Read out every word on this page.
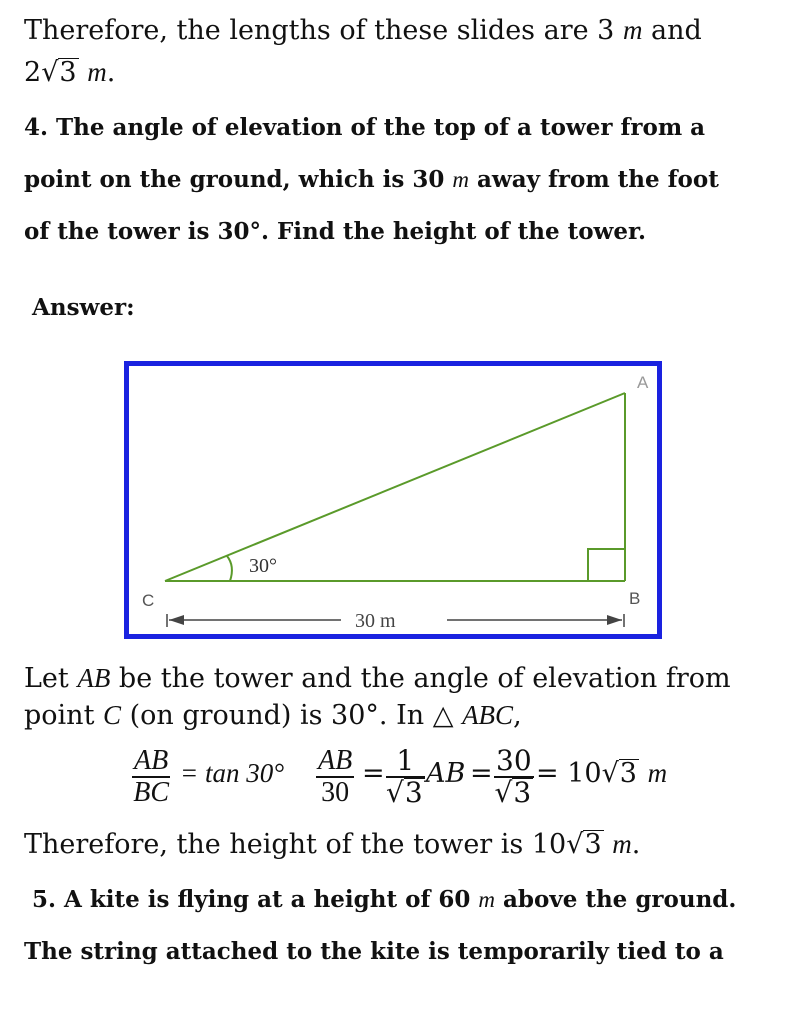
Therefore, the lengths of these slides are 3 m and
2√3 m.
4. The angle of elevation of the top of a tower from a
point on the ground, which is 30 m away from the foot
of the tower is 30°. Find the height of the tower.
Answer:
A
B
C
30°
30 m
Let AB be the tower and the angle of elevation from
point C (on ground) is 30°. In △ ABC,
$\frac{AB}{BC} = \tan 30^\circ \frac{AB}{30} = \frac{1}{√3}$ AB = $\frac{30}{√3} = 10√3$ m
Therefore, the height of the tower is 10√3 m.
5. A kite is flying at a height of 60 m above the ground.
The string attached to the kite is temporarily tied to a
